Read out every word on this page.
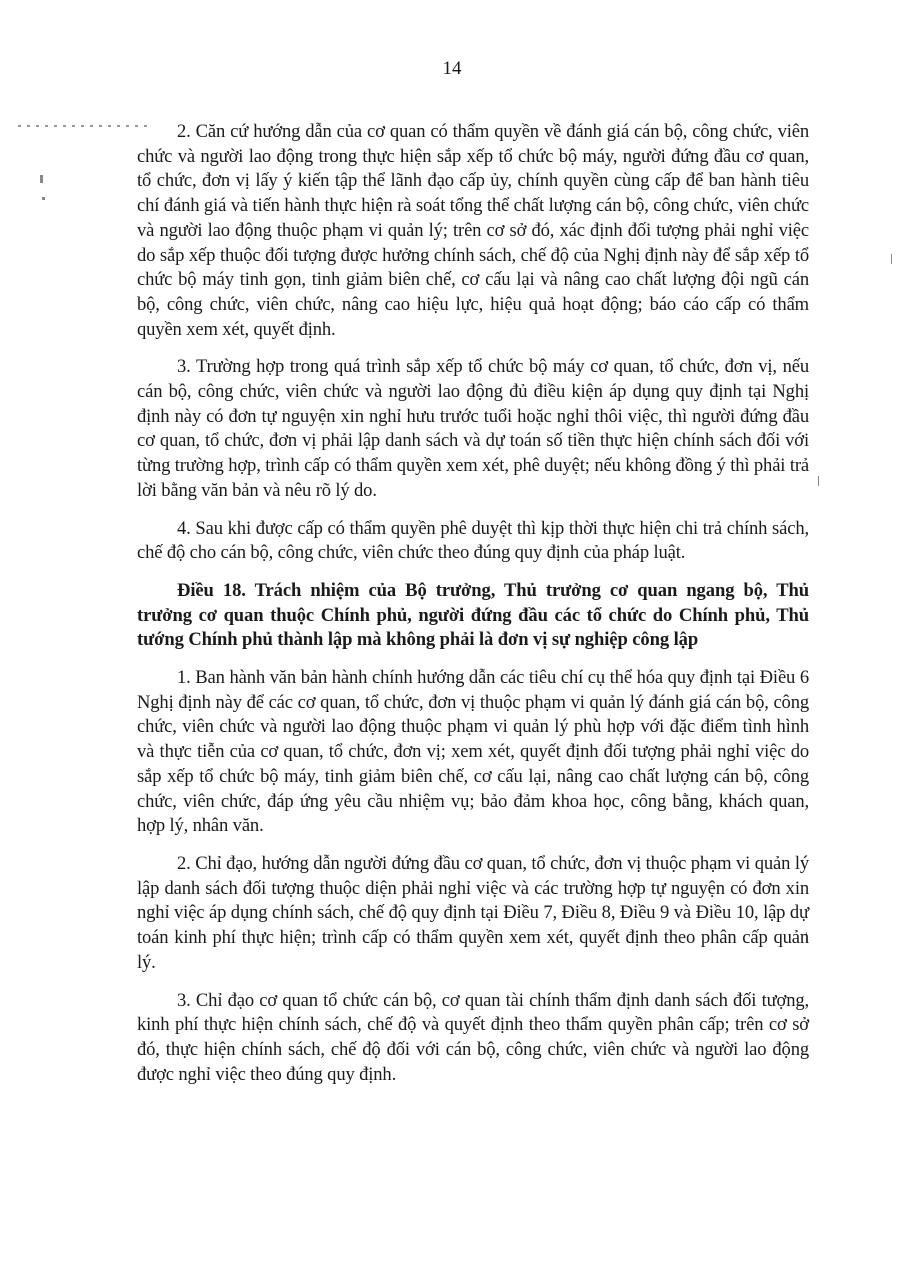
14

2. Căn cứ hướng dẫn của cơ quan có thẩm quyền về đánh giá cán bộ, công chức, viên chức và người lao động trong thực hiện sắp xếp tổ chức bộ máy, người đứng đầu cơ quan, tổ chức, đơn vị lấy ý kiến tập thể lãnh đạo cấp ủy, chính quyền cùng cấp để ban hành tiêu chí đánh giá và tiến hành thực hiện rà soát tổng thể chất lượng cán bộ, công chức, viên chức và người lao động thuộc phạm vi quản lý; trên cơ sở đó, xác định đối tượng phải nghỉ việc do sắp xếp thuộc đối tượng được hưởng chính sách, chế độ của Nghị định này để sắp xếp tổ chức bộ máy tinh gọn, tinh giảm biên chế, cơ cấu lại và nâng cao chất lượng đội ngũ cán bộ, công chức, viên chức, nâng cao hiệu lực, hiệu quả hoạt động; báo cáo cấp có thẩm quyền xem xét, quyết định.

3. Trường hợp trong quá trình sắp xếp tổ chức bộ máy cơ quan, tổ chức, đơn vị, nếu cán bộ, công chức, viên chức và người lao động đủ điều kiện áp dụng quy định tại Nghị định này có đơn tự nguyện xin nghỉ hưu trước tuổi hoặc nghỉ thôi việc, thì người đứng đầu cơ quan, tổ chức, đơn vị phải lập danh sách và dự toán số tiền thực hiện chính sách đối với từng trường hợp, trình cấp có thẩm quyền xem xét, phê duyệt; nếu không đồng ý thì phải trả lời bằng văn bản và nêu rõ lý do.

4. Sau khi được cấp có thẩm quyền phê duyệt thì kịp thời thực hiện chi trả chính sách, chế độ cho cán bộ, công chức, viên chức theo đúng quy định của pháp luật.

Điều 18. Trách nhiệm của Bộ trưởng, Thủ trưởng cơ quan ngang bộ, Thủ trưởng cơ quan thuộc Chính phủ, người đứng đầu các tổ chức do Chính phủ, Thủ tướng Chính phủ thành lập mà không phải là đơn vị sự nghiệp công lập

1. Ban hành văn bản hành chính hướng dẫn các tiêu chí cụ thể hóa quy định tại Điều 6 Nghị định này để các cơ quan, tổ chức, đơn vị thuộc phạm vi quản lý đánh giá cán bộ, công chức, viên chức và người lao động thuộc phạm vi quản lý phù hợp với đặc điểm tình hình và thực tiễn của cơ quan, tổ chức, đơn vị; xem xét, quyết định đối tượng phải nghỉ việc do sắp xếp tổ chức bộ máy, tinh giảm biên chế, cơ cấu lại, nâng cao chất lượng cán bộ, công chức, viên chức, đáp ứng yêu cầu nhiệm vụ; bảo đảm khoa học, công bằng, khách quan, hợp lý, nhân văn.

2. Chỉ đạo, hướng dẫn người đứng đầu cơ quan, tổ chức, đơn vị thuộc phạm vi quản lý lập danh sách đối tượng thuộc diện phải nghỉ việc và các trường hợp tự nguyện có đơn xin nghỉ việc áp dụng chính sách, chế độ quy định tại Điều 7, Điều 8, Điều 9 và Điều 10, lập dự toán kinh phí thực hiện; trình cấp có thẩm quyền xem xét, quyết định theo phân cấp quản lý.

3. Chỉ đạo cơ quan tổ chức cán bộ, cơ quan tài chính thẩm định danh sách đối tượng, kinh phí thực hiện chính sách, chế độ và quyết định theo thẩm quyền phân cấp; trên cơ sở đó, thực hiện chính sách, chế độ đối với cán bộ, công chức, viên chức và người lao động được nghỉ việc theo đúng quy định.
